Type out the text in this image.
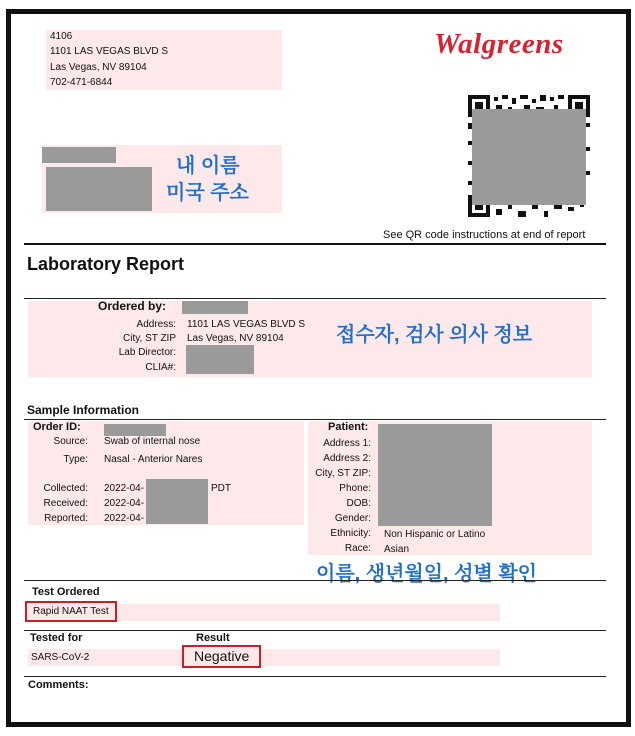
4106
1101 LAS VEGAS BLVD S
Las Vegas, NV 89104
702-471-6844
Walgreens
See QR code instructions at end of report
내 이름
미국 주소
Laboratory Report
Ordered by:
Address: 1101 LAS VEGAS BLVD S
City, ST ZIP Las Vegas, NV 89104
Lab Director:
CLIA#:
접수자, 검사 의사 정보
Sample Information
Order ID:
Source: Swab of internal nose
Type: Nasal - Anterior Nares
Collected: 2022-04-	PDT
Received: 2022-04-
Reported: 2022-04-
Patient:
Address 1:
Address 2:
City, ST ZIP:
Phone:
DOB:
Gender:
Ethnicity: Non Hispanic or Latino
Race: Asian
이름, 생년월일, 성별 확인
Test Ordered
Rapid NAAT Test
Tested for	Result
SARS-CoV-2	Negative
Comments:
